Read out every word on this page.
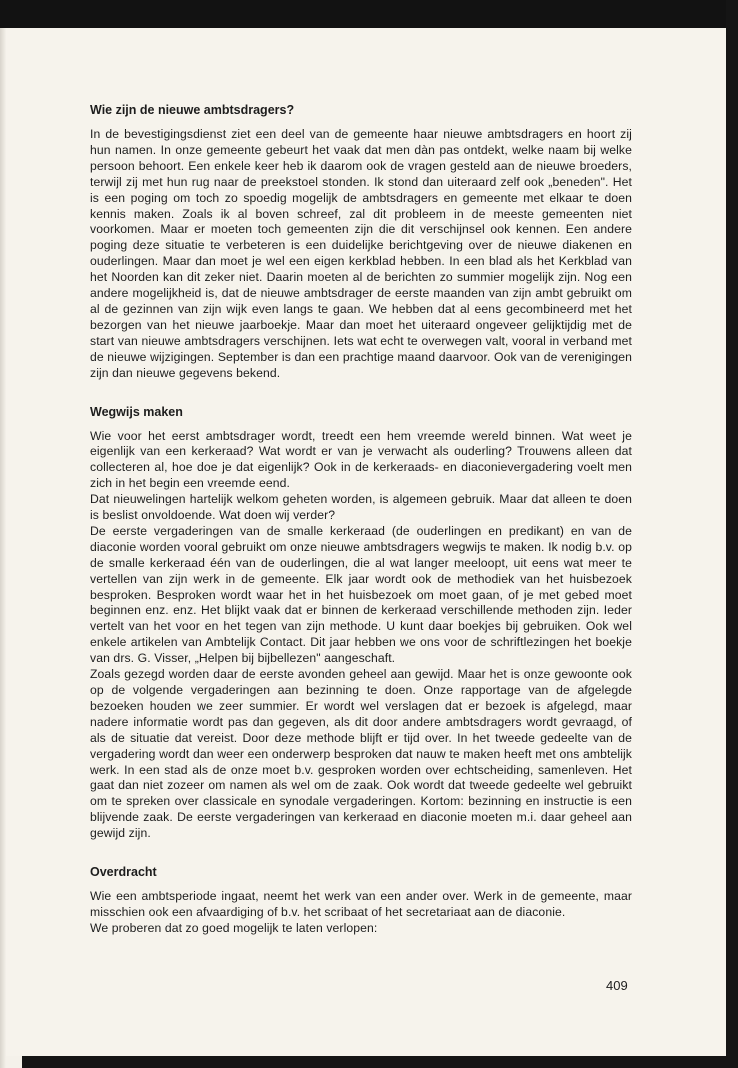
Wie zijn de nieuwe ambtsdragers?

In de bevestigingsdienst ziet een deel van de gemeente haar nieuwe ambtsdragers en hoort zij hun namen. In onze gemeente gebeurt het vaak dat men dàn pas ontdekt, welke naam bij welke persoon behoort. Een enkele keer heb ik daarom ook de vragen gesteld aan de nieuwe broeders, terwijl zij met hun rug naar de preekstoel stonden. Ik stond dan uiteraard zelf ook „beneden". Het is een poging om toch zo spoedig mogelijk de ambtsdragers en gemeente met elkaar te doen kennis maken. Zoals ik al boven schreef, zal dit probleem in de meeste gemeenten niet voorkomen. Maar er moeten toch gemeenten zijn die dit verschijnsel ook kennen. Een andere poging deze situatie te verbeteren is een duidelijke berichtgeving over de nieuwe diakenen en ouderlingen. Maar dan moet je wel een eigen kerkblad hebben. In een blad als het Kerkblad van het Noorden kan dit zeker niet. Daarin moeten al de berichten zo summier mogelijk zijn. Nog een andere mogelijkheid is, dat de nieuwe ambtsdrager de eerste maanden van zijn ambt gebruikt om al de gezinnen van zijn wijk even langs te gaan. We hebben dat al eens gecombineerd met het bezorgen van het nieuwe jaarboekje. Maar dan moet het uiteraard ongeveer gelijktijdig met de start van nieuwe ambtsdragers verschijnen. Iets wat echt te overwegen valt, vooral in verband met de nieuwe wijzigingen. September is dan een prachtige maand daarvoor. Ook van de verenigingen zijn dan nieuwe gegevens bekend.

Wegwijs maken

Wie voor het eerst ambtsdrager wordt, treedt een hem vreemde wereld binnen. Wat weet je eigenlijk van een kerkeraad? Wat wordt er van je verwacht als ouderling? Trouwens alleen dat collecteren al, hoe doe je dat eigenlijk? Ook in de kerkeraads- en diaconievergadering voelt men zich in het begin een vreemde eend.

Dat nieuwelingen hartelijk welkom geheten worden, is algemeen gebruik. Maar dat alleen te doen is beslist onvoldoende. Wat doen wij verder?

De eerste vergaderingen van de smalle kerkeraad (de ouderlingen en predikant) en van de diaconie worden vooral gebruikt om onze nieuwe ambtsdragers wegwijs te maken. Ik nodig b.v. op de smalle kerkeraad één van de ouderlingen, die al wat langer meeloopt, uit eens wat meer te vertellen van zijn werk in de gemeente. Elk jaar wordt ook de methodiek van het huisbezoek besproken. Besproken wordt waar het in het huisbezoek om moet gaan, of je met gebed moet beginnen enz. enz. Het blijkt vaak dat er binnen de kerkeraad verschillende methoden zijn. Ieder vertelt van het voor en het tegen van zijn methode. U kunt daar boekjes bij gebruiken. Ook wel enkele artikelen van Ambtelijk Contact. Dit jaar hebben we ons voor de schriftlezingen het boekje van drs. G. Visser, „Helpen bij bijbellezen" aangeschaft.

Zoals gezegd worden daar de eerste avonden geheel aan gewijd. Maar het is onze gewoonte ook op de volgende vergaderingen aan bezinning te doen. Onze rapportage van de afgelegde bezoeken houden we zeer summier. Er wordt wel verslagen dat er bezoek is afgelegd, maar nadere informatie wordt pas dan gegeven, als dit door andere ambtsdragers wordt gevraagd, of als de situatie dat vereist. Door deze methode blijft er tijd over. In het tweede gedeelte van de vergadering wordt dan weer een onderwerp besproken dat nauw te maken heeft met ons ambtelijk werk. In een stad als de onze moet b.v. gesproken worden over echtscheiding, samenleven. Het gaat dan niet zozeer om namen als wel om de zaak. Ook wordt dat tweede gedeelte wel gebruikt om te spreken over classicale en synodale vergaderingen. Kortom: bezinning en instructie is een blijvende zaak. De eerste vergaderingen van kerkeraad en diaconie moeten m.i. daar geheel aan gewijd zijn.

Overdracht

Wie een ambtsperiode ingaat, neemt het werk van een ander over. Werk in de gemeente, maar misschien ook een afvaardiging of b.v. het scribaat of het secretariaat aan de diaconie.

We proberen dat zo goed mogelijk te laten verlopen:

409
